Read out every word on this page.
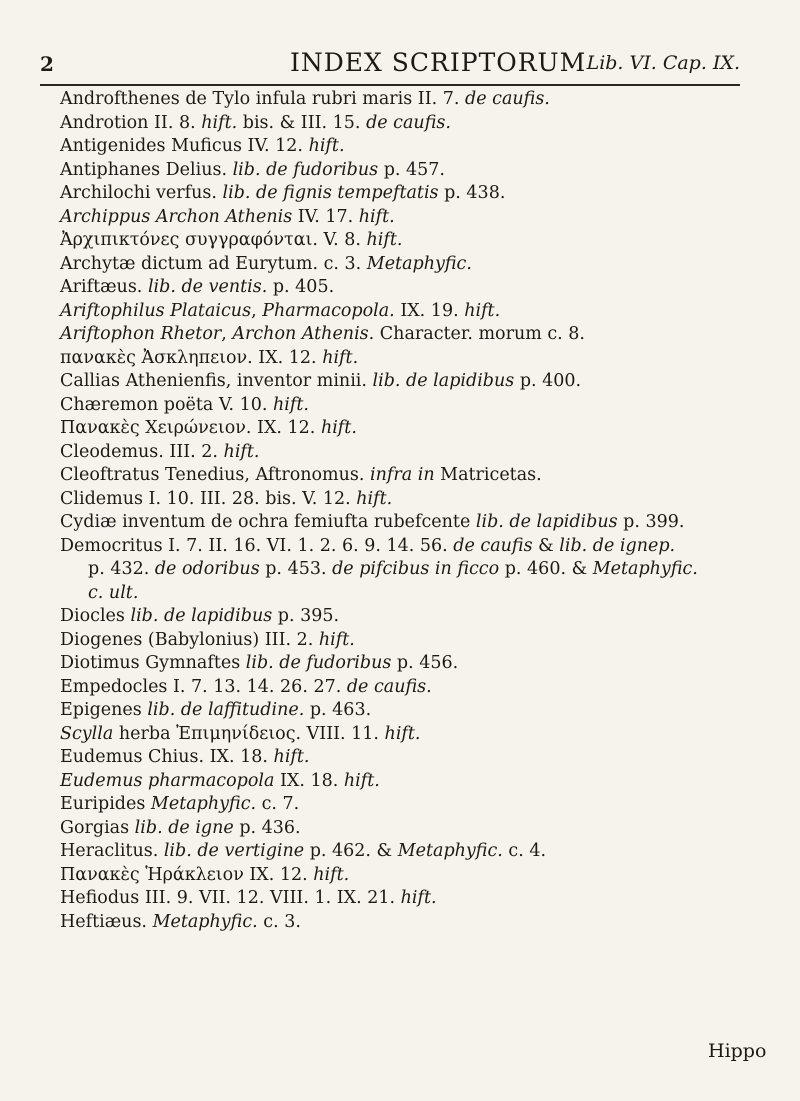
2	INDEX SCRIPTORUM Lib. VI. Cap. IX.
Androfthenes de Tylo infula rubri maris II. 7. de caufis.
Androtion II. 8. hift. bis. & III. 15. de caufis.
Antigenides Muficus IV. 12. hift.
Antiphanes Delius. lib. de fudoribus p. 457.
Archilochi verfus. lib. de fignis tempeftatis p. 438.
Archippus Archon Athenis IV. 17. hift.
Ἀρχιπικτόνες συγγραφόνται. V. 8. hift.
Archytæ dictum ad Eurytum. c. 3. Metaphyfic.
Ariftæus. lib. de ventis. p. 405.
Ariftophilus Plataicus, Pharmacopola. IX. 19. hift.
Ariftophon Rhetor, Archon Athenis. Character. morum c. 8.
πανακὲς Ἀσκληπειον. IX. 12. hift.
Callias Athenienfis, inventor minii. lib. de lapidibus p. 400.
Chæremon poëta V. 10. hift.
Πανακὲς Χειρώνειον. IX. 12. hift.
Cleodemus. III. 2. hift.
Cleoftratus Tenedius, Aftronomus. infra in Matricetas.
Clidemus I. 10. III. 28. bis. V. 12. hift.
Cydiæ inventum de ochra femiufta rubefcente lib. de lapidibus p. 399.
Democritus I. 7. II. 16. VI. 1. 2. 6. 9. 14. 56. de caufis & lib. de ignep.
p. 432. de odoribus p. 453. de pifcibus in ficco p. 460. & Metaphyfic.
c. ult.
Diocles lib. de lapidibus p. 395.
Diogenes (Babylonius) III. 2. hift.
Diotimus Gymnaftes lib. de fudoribus p. 456.
Empedocles I. 7. 13. 14. 26. 27. de caufis.
Epigenes lib. de laffitudine. p. 463.
Scylla herba Ἐπιμηνίδειος. VIII. 11. hift.
Eudemus Chius. IX. 18. hift.
Eudemus pharmacopola IX. 18. hift.
Euripides Metaphyfic. c. 7.
Gorgias lib. de igne p. 436.
Heraclitus. lib. de vertigine p. 462. & Metaphyfic. c. 4.
Πανακὲς Ἡράκλειον IX. 12. hift.
Hefiodus III. 9. VII. 12. VIII. 1. IX. 21. hift.
Heftiæus. Metaphyfic. c. 3.
Hippo
